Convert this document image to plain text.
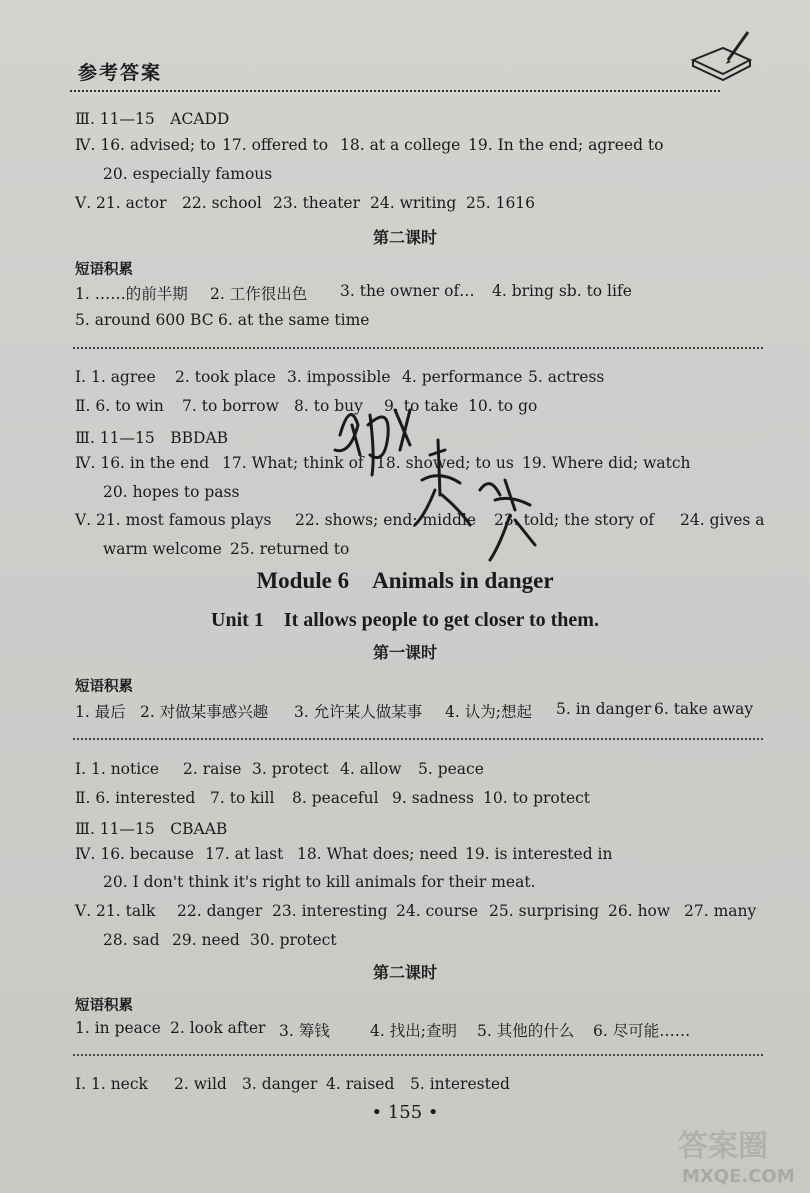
参考答案
Ⅲ. 11—15　ACADD
Ⅳ. 16. advised; to 17. offered to 18. at a college 19. In the end; agreed to
20. especially famous
Ⅴ. 21. actor 22. school 23. theater 24. writing 25. 1616
第二课时
短语积累
1. ……的前半期 2. 工作很出色 3. the owner of… 4. bring sb. to life
5. around 600 BC 6. at the same time
Ⅰ. 1. agree 2. took place 3. impossible 4. performance 5. actress
Ⅱ. 6. to win 7. to borrow 8. to buy 9. to take 10. to go
Ⅲ. 11—15　BBDAB
Ⅳ. 16. in the end 17. What; think of 18. showed; to us 19. Where did; watch
20. hopes to pass
Ⅴ. 21. most famous plays 22. shows; end; middle 23. told; the story of 24. gives a
warm welcome 25. returned to
Module 6　Animals in danger
Unit 1　It allows people to get closer to them.
第一课时
短语积累
1. 最后 2. 对做某事感兴趣 3. 允许某人做某事 4. 认为;想起 5. in danger 6. take away
Ⅰ. 1. notice 2. raise 3. protect 4. allow 5. peace
Ⅱ. 6. interested 7. to kill 8. peaceful 9. sadness 10. to protect
Ⅲ. 11—15　CBAAB
Ⅳ. 16. because 17. at last 18. What does; need 19. is interested in
20. I don't think it's right to kill animals for their meat.
Ⅴ. 21. talk 22. danger 23. interesting 24. course 25. surprising 26. how 27. many
28. sad 29. need 30. protect
第二课时
短语积累
1. in peace 2. look after 3. 筹钱	4. 找出;查明 5. 其他的什么 6. 尽可能……
Ⅰ. 1. neck 2. wild 3. danger 4. raised 5. interested
• 155 •
答案圈
MXQE.COM
